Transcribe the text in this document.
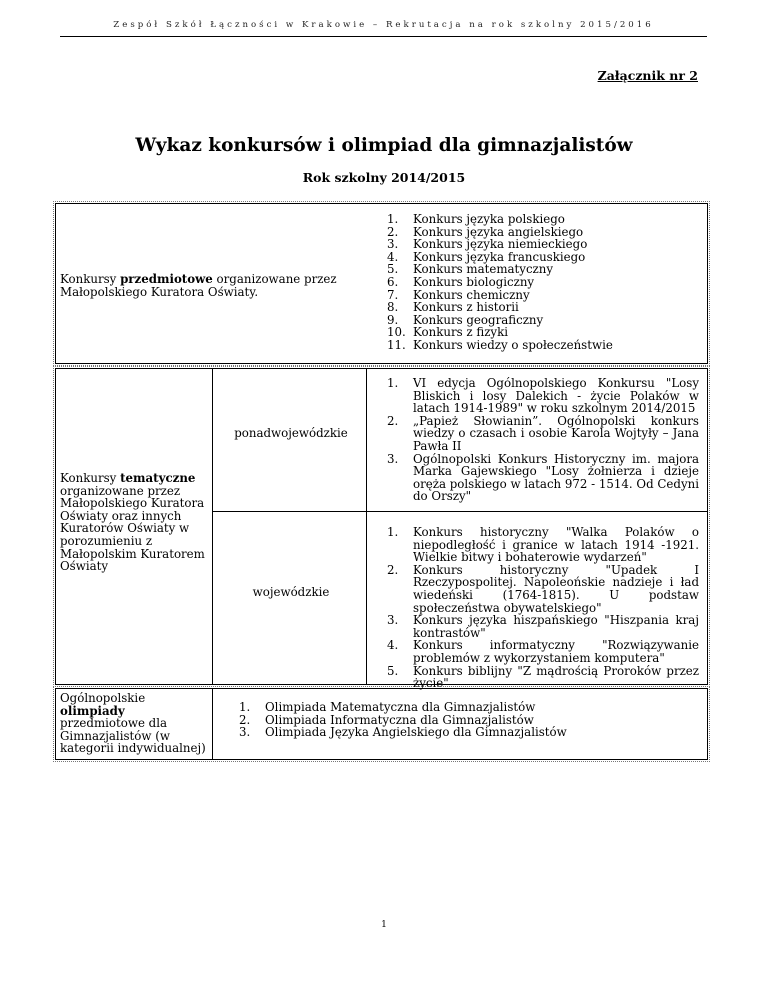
Zespół Szkół Łączności w Krakowie – Rekrutacja na rok szkolny 2015/2016
Załącznik nr 2
Wykaz konkursów i olimpiad dla gimnazjalistów
Rok szkolny 2014/2015
Konkursy przedmiotowe organizowane przez Małopolskiego Kuratora Oświaty.
1. Konkurs języka polskiego
2. Konkurs języka angielskiego
3. Konkurs języka niemieckiego
4. Konkurs języka francuskiego
5. Konkurs matematyczny
6. Konkurs biologiczny
7. Konkurs chemiczny
8. Konkurs z historii
9. Konkurs geograficzny
10. Konkurs z fizyki
11. Konkurs wiedzy o społeczeństwie
Konkursy tematyczne
organizowane przez Małopolskiego Kuratora Oświaty oraz innych Kuratorów Oświaty w porozumieniu z Małopolskim Kuratorem Oświaty
ponadwojewódzkie
1. VI edycja Ogólnopolskiego Konkursu "Losy Bliskich i losy Dalekich - życie Polaków w latach 1914-1989" w roku szkolnym 2014/2015
2. „Papież Słowianin”. Ogólnopolski konkurs wiedzy o czasach i osobie Karola Wojtyły – Jana Pawła II
3. Ogólnopolski Konkurs Historyczny im. majora Marka Gajewskiego "Losy żołnierza i dzieje oręża polskiego w latach 972 - 1514. Od Cedyni do Orszy"
wojewódzkie
1. Konkurs historyczny "Walka Polaków o niepodległość i granice w latach 1914 -1921. Wielkie bitwy i bohaterowie wydarzeń"
2. Konkurs historyczny "Upadek I Rzeczypospolitej. Napoleońskie nadzieje i ład wiedeński (1764-1815). U podstaw społeczeństwa obywatelskiego"
3. Konkurs języka hiszpańskiego "Hiszpania kraj kontrastów"
4. Konkurs informatyczny "Rozwiązywanie problemów z wykorzystaniem komputera"
5. Konkurs biblijny "Z mądrością Proroków przez życie"
Ogólnopolskie
olimpiady
przedmiotowe dla Gimnazjalistów (w kategorii indywidualnej)
1. Olimpiada Matematyczna dla Gimnazjalistów
2. Olimpiada Informatyczna dla Gimnazjalistów
3. Olimpiada Języka Angielskiego dla Gimnazjalistów
1
